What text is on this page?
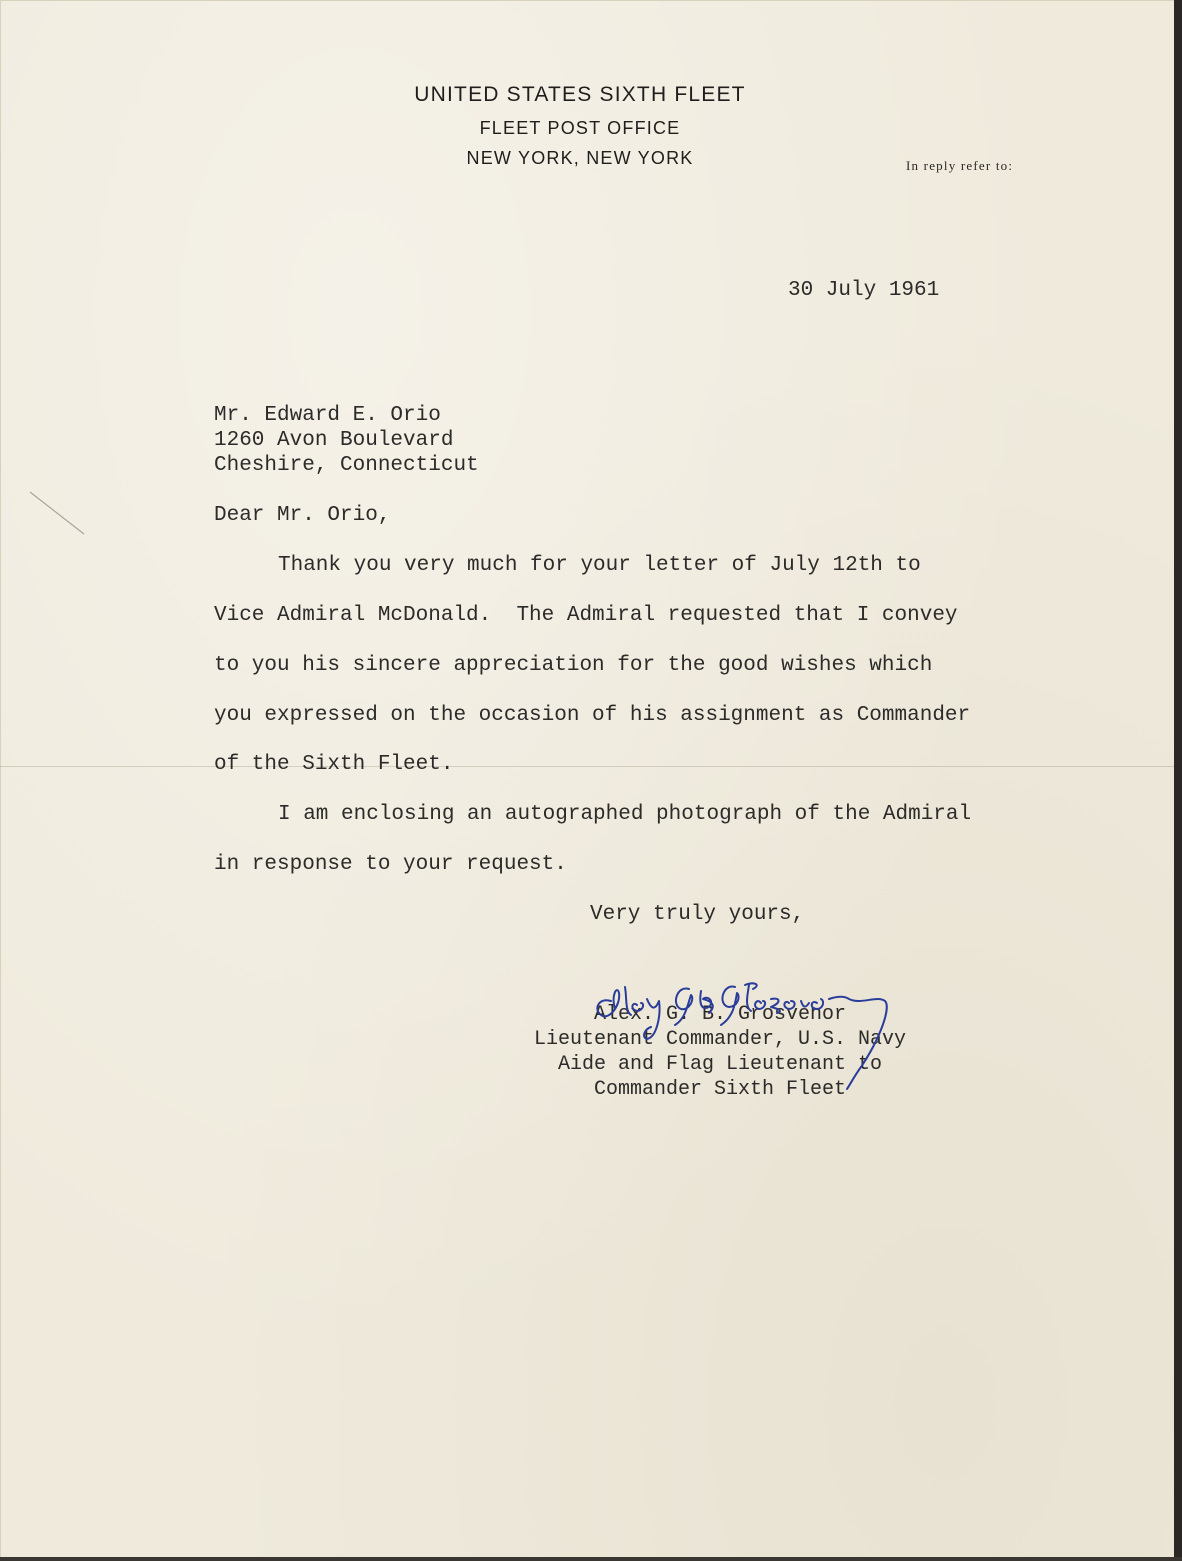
UNITED STATES SIXTH FLEET
FLEET POST OFFICE
NEW YORK, NEW YORK	In reply refer to:
30 July 1961
Mr. Edward E. Orio
1260 Avon Boulevard
Cheshire, Connecticut
Dear Mr. Orio,
Thank you very much for your letter of July 12th to
Vice Admiral McDonald.  The Admiral requested that I convey
to you his sincere appreciation for the good wishes which
you expressed on the occasion of his assignment as Commander
of the Sixth Fleet.
I am enclosing an autographed photograph of the Admiral
in response to your request.
Very truly yours,
Alex. G. B. Grosvenor
Lieutenant Commander, U.S. Navy
Aide and Flag Lieutenant to
Commander Sixth Fleet
